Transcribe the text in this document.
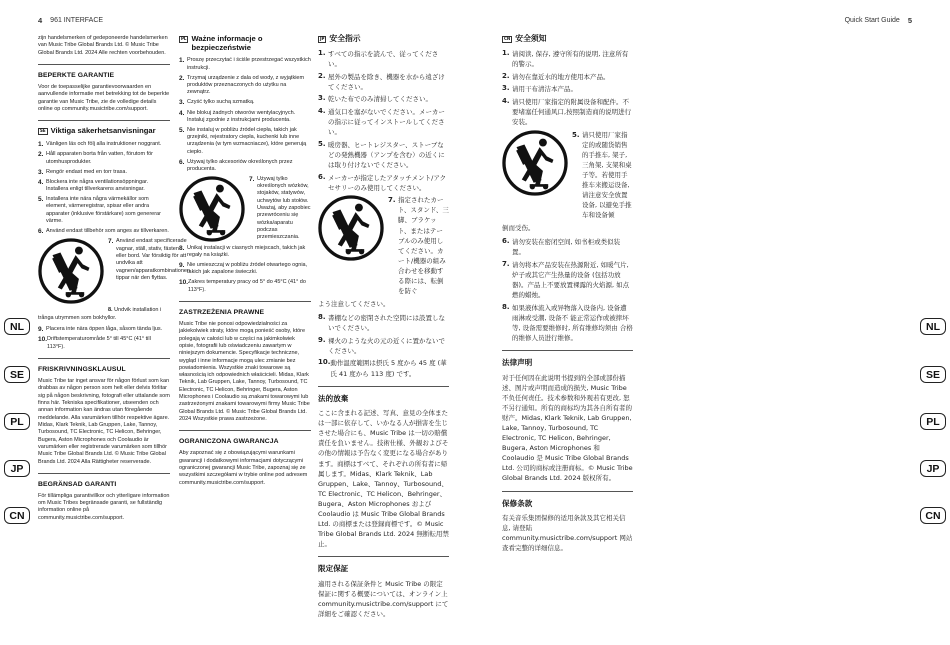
4 961 INTERFACE	Quick Start Guide 5

zijn handelsmerken of gedeponeerde handelsmerken van Music Tribe Global Brands Ltd. © Music Tribe Global Brands Ltd. 2024 Alle rechten voorbehouden.

BEPERKTE GARANTIE

Voor de toepasselijke garantievoorwaarden en aanvullende informatie met betrekking tot de beperkte garantie van Music Tribe, zie de volledige details online op community.musictribe.com/support.

SE Viktiga säkerhetsanvisningar
1. Vänligen läs och följ alla instruktioner noggrant.
2. Håll apparaten borta från vatten, förutom för utomhusprodukter.
3. Rengör endast med en torr trasa.
4. Blockera inte några ventilationsöppningar. Installera enligt tillverkarens anvisningar.
5. Installera inte nära några värmekällor som element, värmeregistrar, spisar eller andra apparater (inklusive förstärkare) som genererar värme.
6. Använd endast tillbehör som anges av tillverkaren.
7. Använd endast specificerade vagnar, ställ, stativ, fästen eller bord. Var försiktig för att undvika att vagnen/apparatkombinationen tippar när den flyttas.

8. Undvik installation i

trånga utrymmen som bokhyllor.

9. Placera inte nära öppen låga, såsom tända ljus.
10. Driftstemperaturområde 5° till 45°C (41° till 113°F).
FRISKRIVNINGSKLAUSUL

Music Tribe tar inget ansvar för någon förlust som kan drabbas av någon person som helt eller delvis förlitar sig på någon beskrivning, fotografi eller uttalande som finns här. Tekniska specifikationer, utseenden och annan information kan ändras utan föregående meddelande. Alla varumärken tillhör respektive ägare. Midas, Klark Teknik, Lab Gruppen, Lake, Tannoy, Turbosound, TC Electronic, TC Helicon, Behringer, Bugera, Aston Microphones och Coolaudio är varumärken eller registrerade varumärken som tillhör Music Tribe Global Brands Ltd. © Music Tribe Global Brands Ltd. 2024 Alla Rättigheter reserverade.

BEGRÄNSAD GARANTI

För tillämpliga garantivillkor och ytterligare information om Music Tribes begränsade garanti, se fullständig information online på community.musictribe.com/support.

PL Ważne informacje o bezpieczeństwie
1. Proszę przeczytać i ściśle przestrzegać wszystkich instrukcji.
2. Trzymaj urządzenie z dala od wody, z wyjątkiem produktów przeznaczonych do użytku na zewnątrz.
3. Czyść tylko suchą szmatką.
4. Nie blokuj żadnych otworów wentylacyjnych. Instaluj zgodnie z instrukcjami producenta.
5. Nie instaluj w pobliżu źródeł ciepła, takich jak grzejniki, rejestratory ciepła, kuchenki lub inne urządzenia (w tym wzmacniacze), które generują ciepło.
6. Używaj tylko akcesoriów określonych przez producenta.
7. Używaj tylko określonych wózków, stojaków, statywów, uchwytów lub stołów. Uważaj, aby zapobiec przewróceniu się wózka/aparatu podczas przemieszczania.
8. Unikaj instalacji w ciasnych miejscach, takich jak regały na książki.
9. Nie umieszczaj w pobliżu źródeł otwartego ognia, takich jak zapalone świeczki.
10. Zakres temperatury pracy od 5° do 45°C (41° do 113°F).
ZASTRZEŻENIA PRAWNE

Music Tribe nie ponosi odpowiedzialności za jakiekolwiek straty, które mogą ponieść osoby, które polegają w całości lub w części na jakimkolwiek opisie, fotografii lub oświadczeniu zawartym w niniejszym dokumencie. Specyfikacje techniczne, wygląd i inne informacje mogą ulec zmianie bez powiadomienia. Wszystkie znaki towarowe są własnością ich odpowiednich właścicieli. Midas, Klark Teknik, Lab Gruppen, Lake, Tannoy, Turbosound, TC Electronic, TC Helicon, Behringer, Bugera, Aston Microphones i Coolaudio są znakami towarowymi lub zastrzeżonymi znakami towarowymi firmy Music Tribe Global Brands Ltd. © Music Tribe Global Brands Ltd. 2024 Wszystkie prawa zastrzeżone.

OGRANICZONA GWARANCJA

Aby zapoznać się z obowiązującymi warunkami gwarancji i dodatkowymi informacjami dotyczącymi ograniczonej gwarancji Music Tribe, zapoznaj się ze wszystkimi szczegółami w trybie online pod adresem community.musictribe.com/support.

JP 安全指示
1. すべての指示を読んで、従ってください。
2. 屋外の製品を除き、機器を水から遠ざけてください。
3. 乾いた布でのみ清掃してください。
4. 通気口を塞がないでください。メーカーの指示に従ってインストールしてください。
5. 暖房器、ヒートレジスター、ストーブなどの発熱機器（アンプを含む）の近くには取り付けないでください。
6. メーカーが指定したアタッチメント/アクセサリーのみ使用してください。
7. 指定されたカート、スタンド、三脚、ブラケット、またはテーブルのみ使用してください。カート/機器の組み合わせを移動する際には、転倒を防ぐ

よう注意してください。

8. 書棚などの密閉された空間には設置しないでください。
9. 裸火のような火の元の近くに置かないでください。
10. 動作温度範囲は摂氏 5 度から 45 度 (華氏 41 度から 113 度) です。
法的放棄

ここに含まれる記述、写真、意見の全体または一部に依存して、いかなる人が損害を生じさせた場合にも、Music Tribe は一切の賠償責任を負いません。技術仕様、外観およびその他の情報は予告なく変更になる場合があります。商標はすべて、それぞれの所有者に帰属します。Midas、Klark Teknik、Lab Gruppen、Lake、Tannoy、Turbosound、TC Electronic、TC Helicon、Behringer、Bugera、Aston Microphones および Coolaudio は Music Tribe Global Brands Ltd. の商標または登録商標です。© Music Tribe Global Brands Ltd. 2024 無断転用禁止。

限定保証

適用される保証条件と Music Tribe の限定保証に関する概要については、オンライン上 community.musictribe.com/support にて詳細をご確認ください。

CN 安全须知
1. 请阅读, 保存, 遵守所有的说明, 注意所有的警示。
2. 请勿在靠近水的地方使用本产品。
3. 请用干布清洁本产品。
4. 请只使用厂家指定的附属设备和配件。不要堵塞任何通风口,按照制造商的说明进行安装。
5. 请只使用厂家指定的或随货销售的手推车, 架子, 三角架, 支架和桌子等。若使用手推车来搬运设备, 请注意安全放置设备, 以避免手推车和设备倾

倒而受伤。

6. 请勿安装在密闭空间, 如书柜或类似装置。
7. 请勿将本产品安装在热源附近, 如暖气片, 炉子或其它产生热量的设备 (包括功放器)。产品上不要放置裸露的火焰源, 如点燃的蜡烛。
8. 如果液体流入或异物落入设备内, 设备遭雨淋或受潮, 设备不 能正常运作或被摔坏等, 设备需要维修时, 所有维修均须由 合格的维修人员进行维修。
法律声明

对于任何因在此说明书提到的全部或部份描述、图片或声明而造成的损失, Music Tribe 不负任何责任。技术参数和外观若有更改, 恕不另行通知。所有的商标均为其各自所有者的财产。Midas, Klark Teknik, Lab Gruppen, Lake, Tannoy, Turbosound, TC Electronic, TC Helicon, Behringer, Bugera, Aston Microphones 和 Coolaudio 是 Music Tribe Global Brands Ltd. 公司的商标或注册商标。© Music Tribe Global Brands Ltd. 2024 版权所有。

保修条款

有关音乐集团保修的适用条款及其它相关信息, 请登陆 community.musictribe.com/support 网站查看完整的详细信息。

NL	NL
SE	SE
PL	PL
JP	JP
CN	CN
